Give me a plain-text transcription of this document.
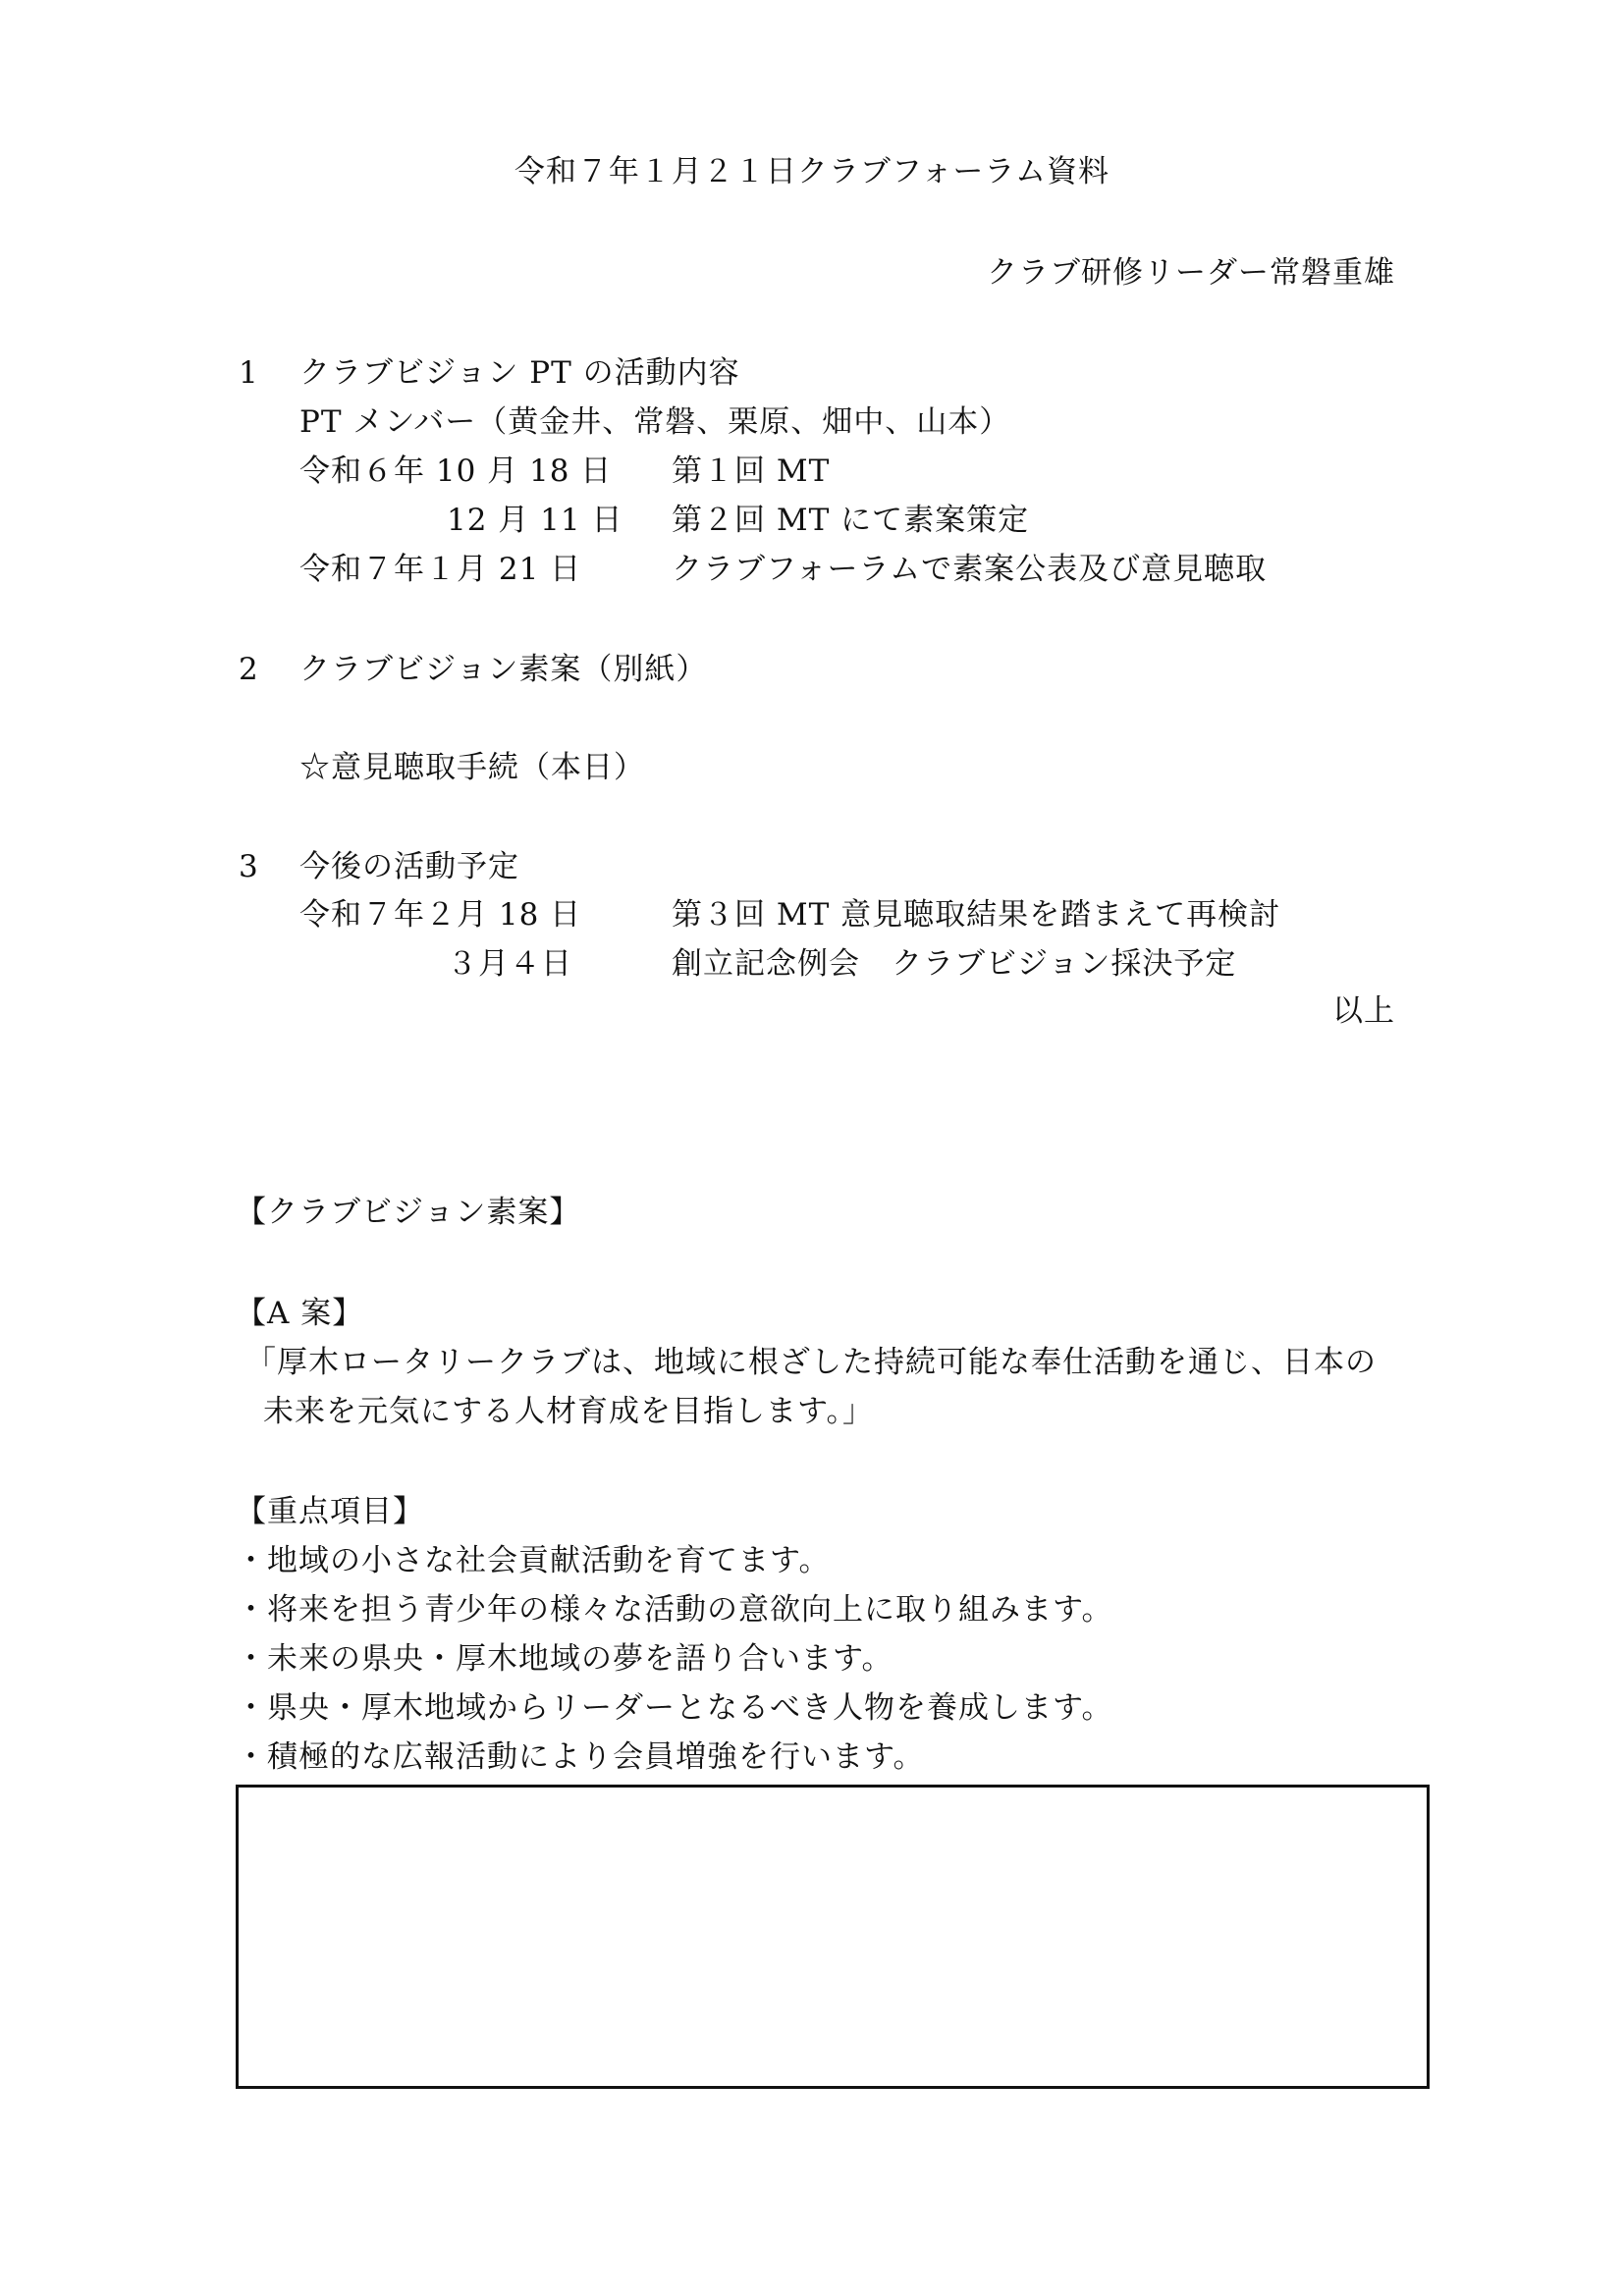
令和７年１月２１日クラブフォーラム資料
クラブ研修リーダー常磐重雄
1 クラブビジョン PT の活動内容
PT メンバー（黄金井、常磐、栗原、畑中、山本）
令和６年 10 月 18 日 第１回 MT
12 月 11 日 第２回 MT にて素案策定
令和７年１月 21 日	クラブフォーラムで素案公表及び意見聴取
2 クラブビジョン素案（別紙）
☆意見聴取手続（本日）
3 今後の活動予定
令和７年２月 18 日	第３回 MT 意見聴取結果を踏まえて再検討
３月４日	創立記念例会　クラブビジョン採決予定
以上
【クラブビジョン素案】
【A 案】
「厚木ロータリークラブは、地域に根ざした持続可能な奉仕活動を通じ、日本の
未来を元気にする人材育成を目指します。」
【重点項目】
・地域の小さな社会貢献活動を育てます。
・将来を担う青少年の様々な活動の意欲向上に取り組みます。
・未来の県央・厚木地域の夢を語り合います。
・県央・厚木地域からリーダーとなるべき人物を養成します。
・積極的な広報活動により会員増強を行います。
